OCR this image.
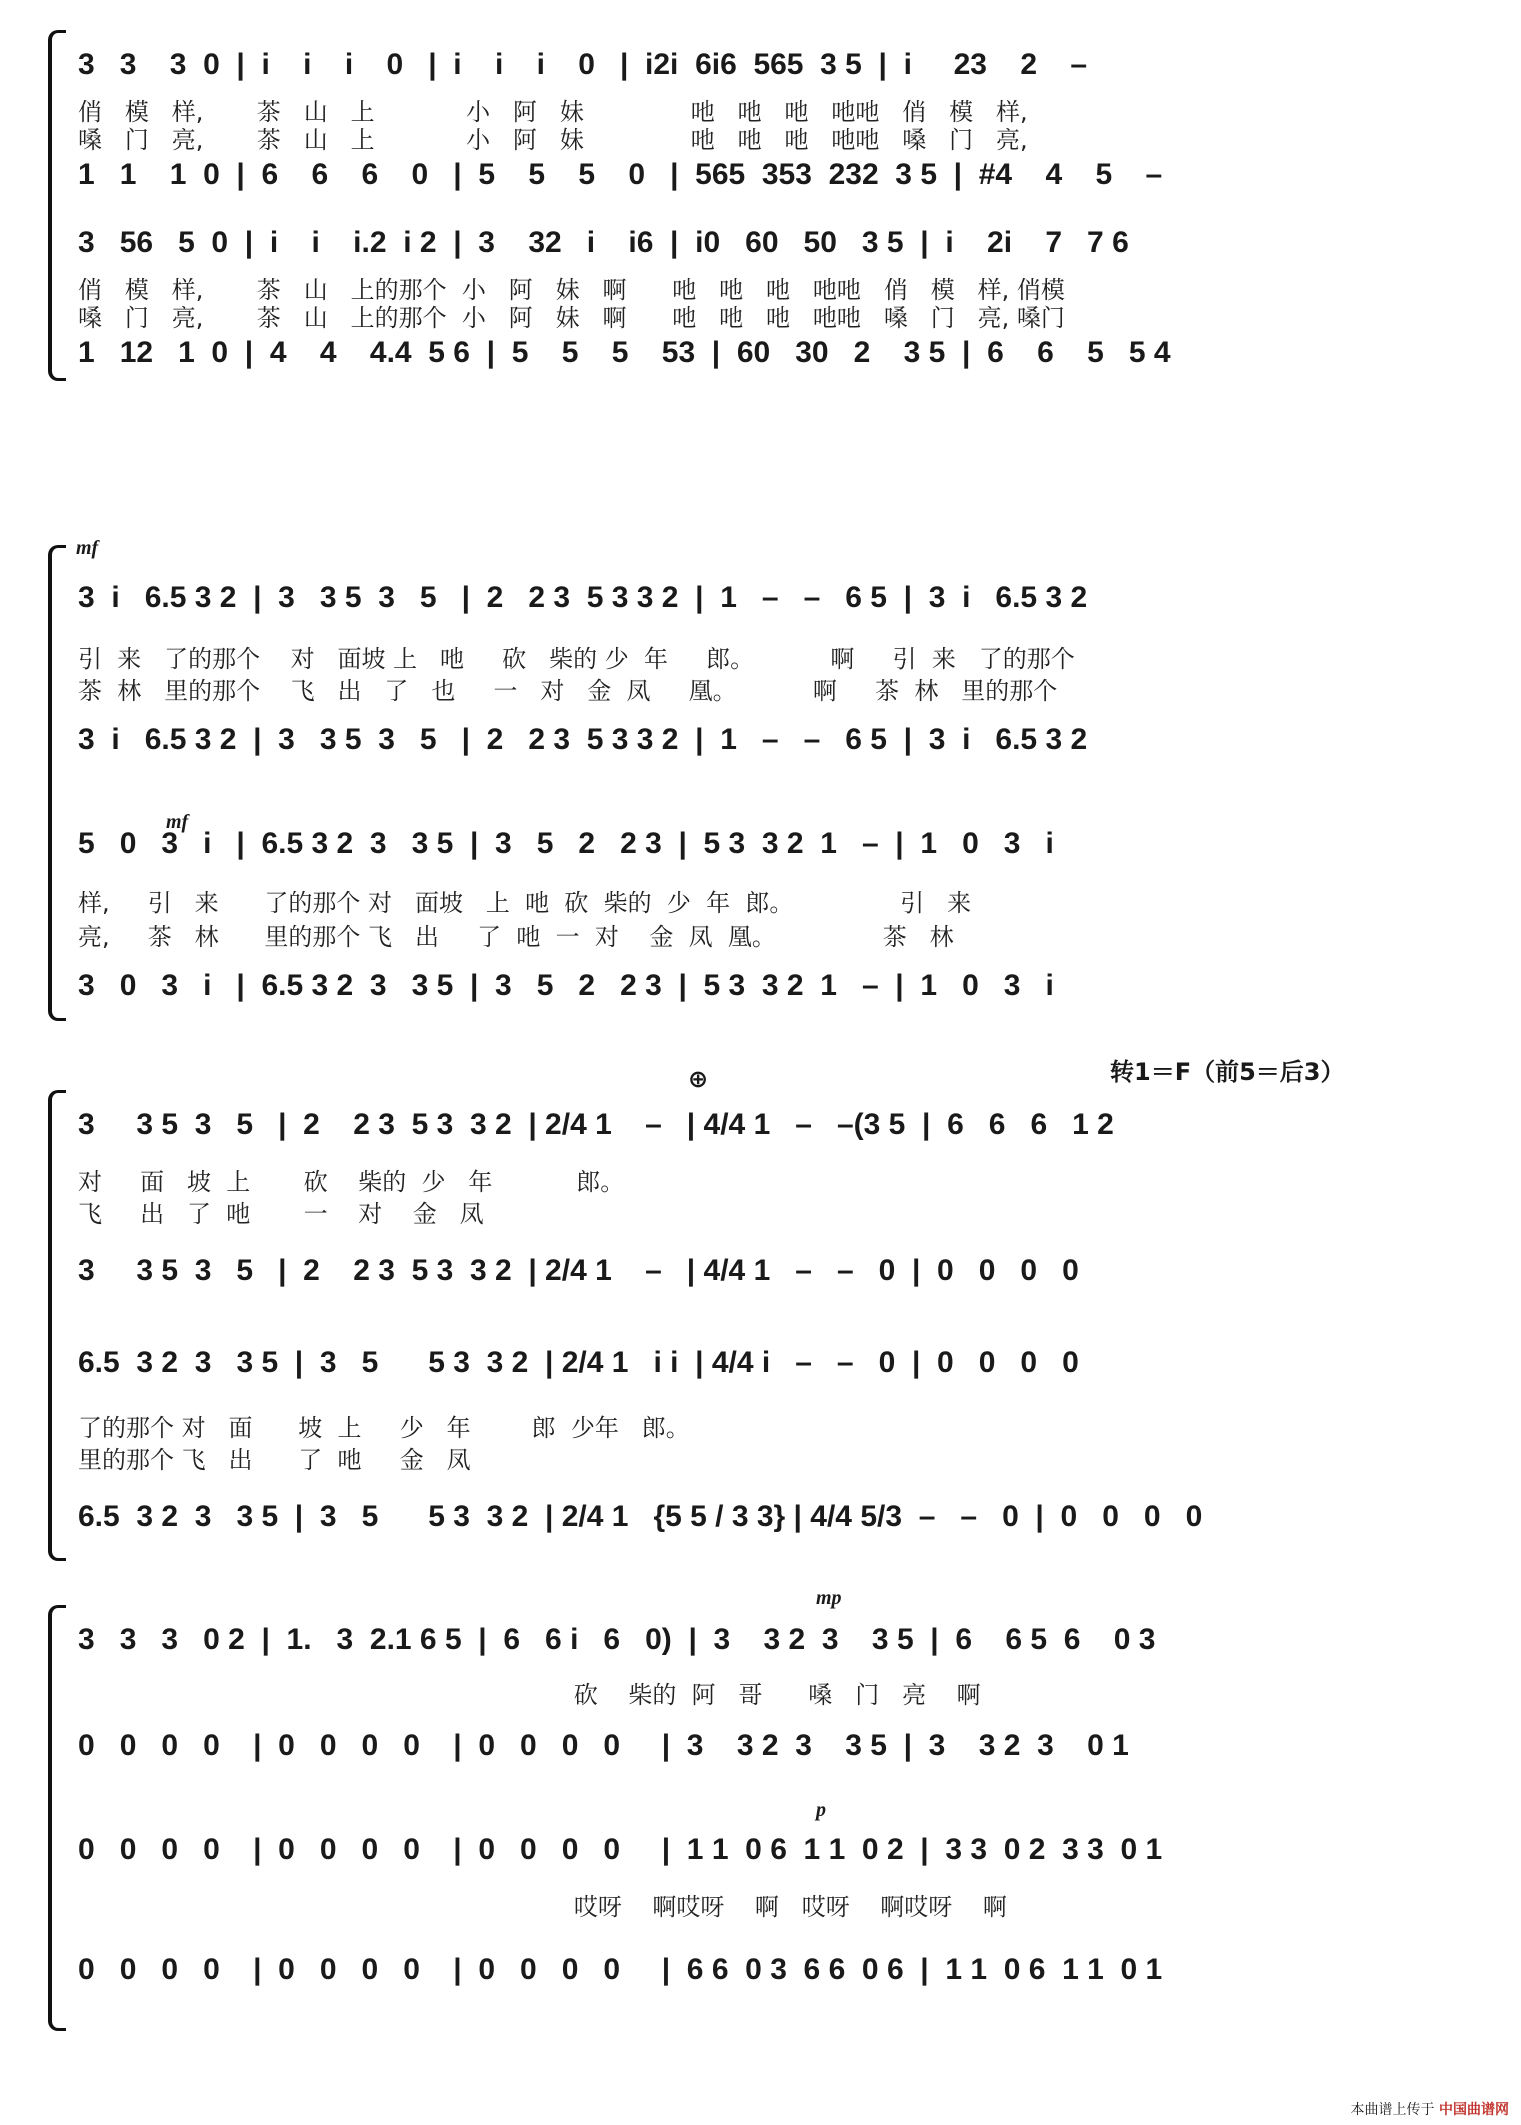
3   3    3  0  |  i    i    i    0   |  i    i    i    0   |  i2i  6i6  565  3 5  |  i     23    2    –
俏   模   样,       茶   山   上            小   阿   妹              吔   吔   吔   吔吔   俏   模   样,
嗓   门   亮,       茶   山   上            小   阿   妹              吔   吔   吔   吔吔   嗓   门   亮,
1   1    1  0  |  6    6    6    0   |  5    5    5    0   |  565  353  232  3 5  |  #4    4    5    –
3   56   5  0  |  i    i    i.2  i 2  |  3    32   i    i6  |  i0   60   50   3 5  |  i    2i    7   7 6
俏   模   样,       茶   山   上的那个  小   阿   妹   啊      吔   吔   吔   吔吔   俏   模   样, 俏模
嗓   门   亮,       茶   山   上的那个  小   阿   妹   啊      吔   吔   吔   吔吔   嗓   门   亮, 嗓门
1   12   1  0  |  4    4    4.4  5 6  |  5    5    5    53  |  60   30   2    3 5  |  6    6    5   5 4
mf
3  i   6.5 3 2  |  3   3 5  3   5   |  2   2 3  5 3 3 2  |  1   –   –   6 5  |  3  i   6.5 3 2
引  来   了的那个    对   面坡 上   吔     砍   柴的 少  年     郎。          啊     引  来   了的那个
茶  林   里的那个    飞   出   了   也     一   对   金  凤     凰。          啊     茶  林   里的那个
3  i   6.5 3 2  |  3   3 5  3   5   |  2   2 3  5 3 3 2  |  1   –   –   6 5  |  3  i   6.5 3 2
mf
5   0   3   i   |  6.5 3 2  3   3 5  |  3   5   2   2 3  |  5 3  3 2  1   –  |  1   0   3   i
样,     引   来      了的那个 对   面坡   上  吔  砍  柴的  少  年  郎。              引   来
亮,     茶   林      里的那个 飞   出     了  吔  一  对    金  凤  凰。              茶   林
3   0   3   i   |  6.5 3 2  3   3 5  |  3   5   2   2 3  |  5 3  3 2  1   –  |  1   0   3   i
⊕	转1＝F（前5＝后3）
3     3 5  3   5   |  2    2 3  5 3  3 2  | 2/4 1    –   | 4/4 1   –   –(3 5  |  6   6   6   1 2
对     面   坡  上       砍    柴的  少   年           郎。
飞     出   了  吔       一    对    金   凤
3     3 5  3   5   |  2    2 3  5 3  3 2  | 2/4 1    –   | 4/4 1   –   –   0  |  0   0   0   0
6.5  3 2  3   3 5  |  3   5      5 3  3 2  | 2/4 1   i i  | 4/4 i   –   –   0  |  0   0   0   0
了的那个 对   面      坡  上     少   年        郎  少年   郎。
里的那个 飞   出      了  吔     金   凤
6.5  3 2  3   3 5  |  3   5      5 3  3 2  | 2/4 1   {5 5 / 3 3} | 4/4 5/3  –   –   0  |  0   0   0   0
mp
3   3   3   0 2  |  1.   3  2.1 6 5  |  6   6 i   6   0)  |  3    3 2  3    3 5  |  6    6 5  6    0 3
砍    柴的  阿   哥      嗓   门   亮    啊
0   0   0   0    |  0   0   0   0    |  0   0   0   0     |  3    3 2  3    3 5  |  3    3 2  3    0 1
p
0   0   0   0    |  0   0   0   0    |  0   0   0   0     |  1 1  0 6  1 1  0 2  |  3 3  0 2  3 3  0 1
哎呀    啊哎呀    啊   哎呀    啊哎呀    啊
0   0   0   0    |  0   0   0   0    |  0   0   0   0     |  6 6  0 3  6 6  0 6  |  1 1  0 6  1 1  0 1
本曲谱上传于 中国曲谱网
